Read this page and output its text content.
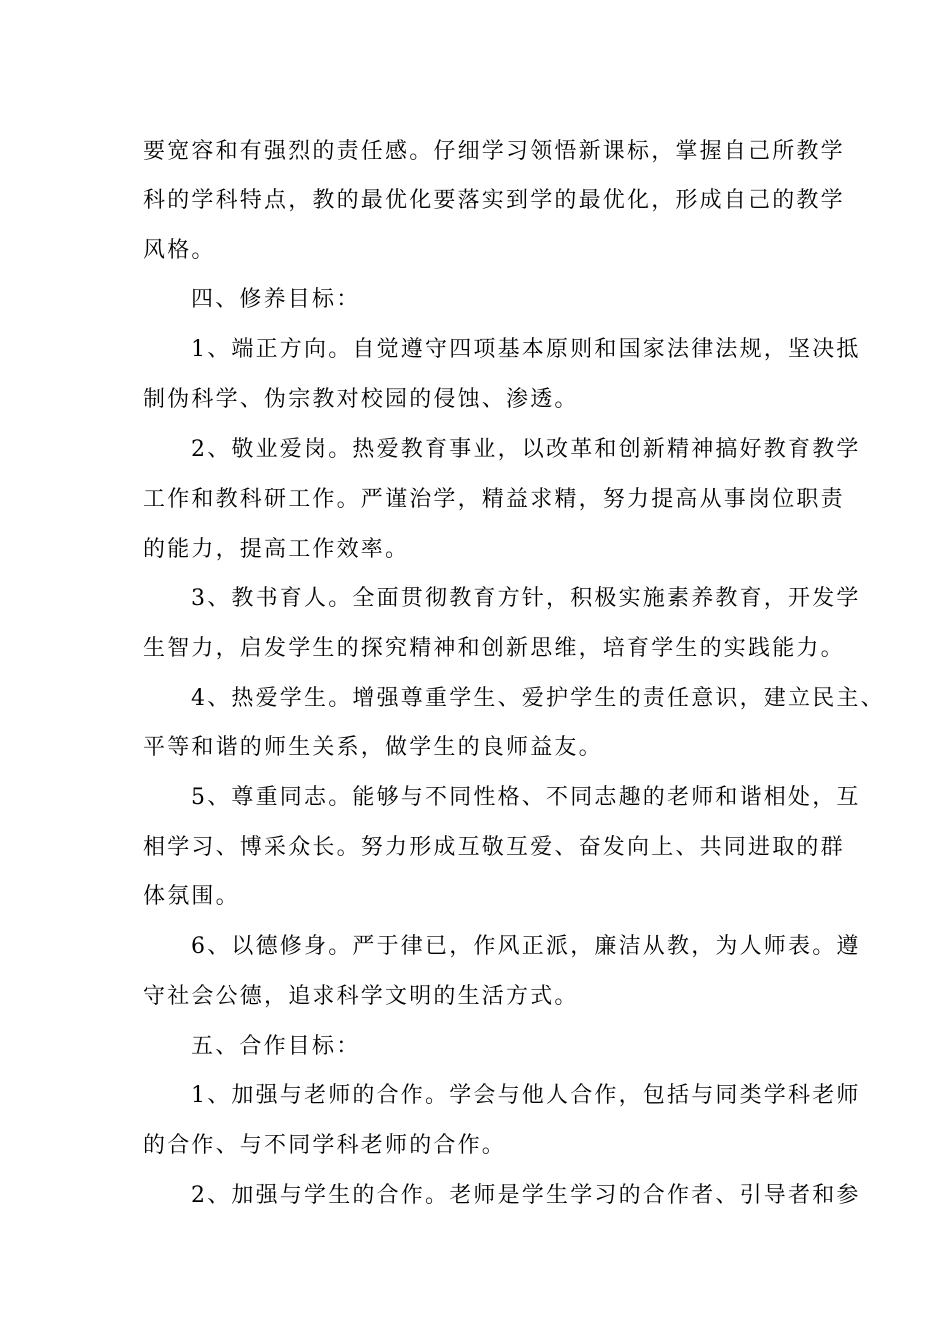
要宽容和有强烈的责任感。仔细学习领悟新课标，掌握自己所教学
科的学科特点，教的最优化要落实到学的最优化，形成自己的教学
风格。
四、修养目标：
1、端正方向。自觉遵守四项基本原则和国家法律法规，坚决抵
制伪科学、伪宗教对校园的侵蚀、渗透。
2、敬业爱岗。热爱教育事业，以改革和创新精神搞好教育教学
工作和教科研工作。严谨治学，精益求精，努力提高从事岗位职责
的能力，提高工作效率。
3、教书育人。全面贯彻教育方针，积极实施素养教育，开发学
生智力，启发学生的探究精神和创新思维，培育学生的实践能力。
4、热爱学生。增强尊重学生、爱护学生的责任意识，建立民主、
平等和谐的师生关系，做学生的良师益友。
5、尊重同志。能够与不同性格、不同志趣的老师和谐相处，互
相学习、博采众长。努力形成互敬互爱、奋发向上、共同进取的群
体氛围。
6、以德修身。严于律已，作风正派，廉洁从教，为人师表。遵
守社会公德，追求科学文明的生活方式。
五、合作目标：
1、加强与老师的合作。学会与他人合作，包括与同类学科老师
的合作、与不同学科老师的合作。
2、加强与学生的合作。老师是学生学习的合作者、引导者和参
